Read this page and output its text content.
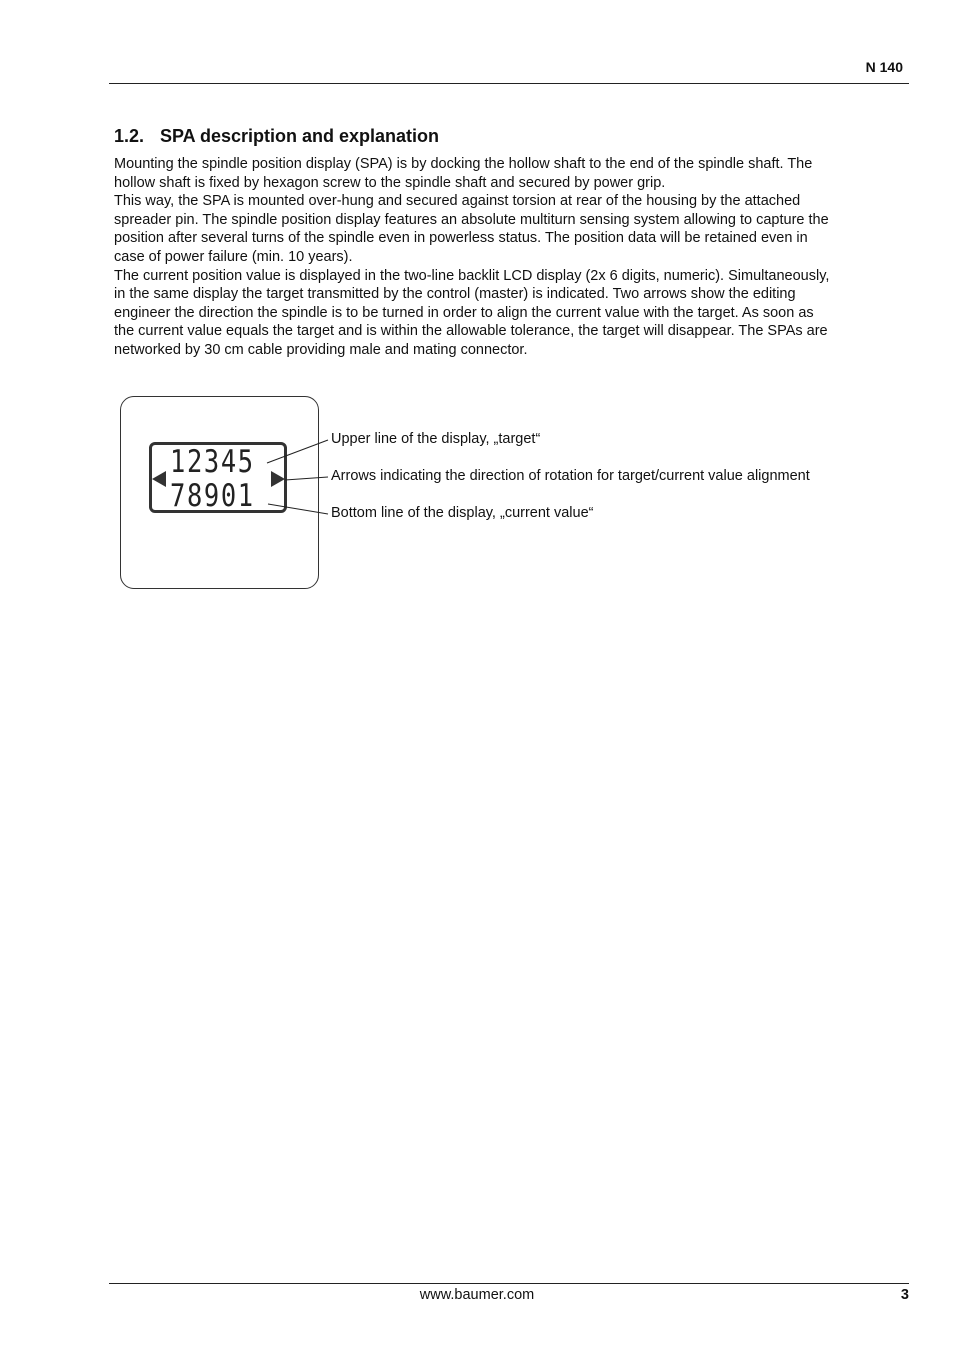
N 140
1.2. SPA description and explanation
Mounting the spindle position display (SPA) is by docking the hollow shaft to the end of the spindle shaft. The
hollow shaft is fixed by hexagon screw to the spindle shaft and secured by power grip.
This way, the SPA is mounted over-hung and secured against torsion at rear of the housing by the attached
spreader pin. The spindle position display features an absolute multiturn sensing system allowing to capture the
position after several turns of the spindle even in powerless status. The position data will be retained even in
case of power failure (min. 10 years).
The current position value is displayed in the two-line backlit LCD display (2x 6 digits, numeric). Simultaneously,
in the same display the target transmitted by the control (master) is indicated. Two arrows show the editing
engineer the direction the spindle is to be turned in order to align the current value with the target. As soon as
the current value equals the target and is within the allowable tolerance, the target will disappear. The SPAs are
networked by 30 cm cable providing male and mating connector.
12345
78901
Upper line of the display, „target“
Arrows indicating the direction of rotation for target/current value alignment
Bottom line of the display, „current value“
www.baumer.com	3
